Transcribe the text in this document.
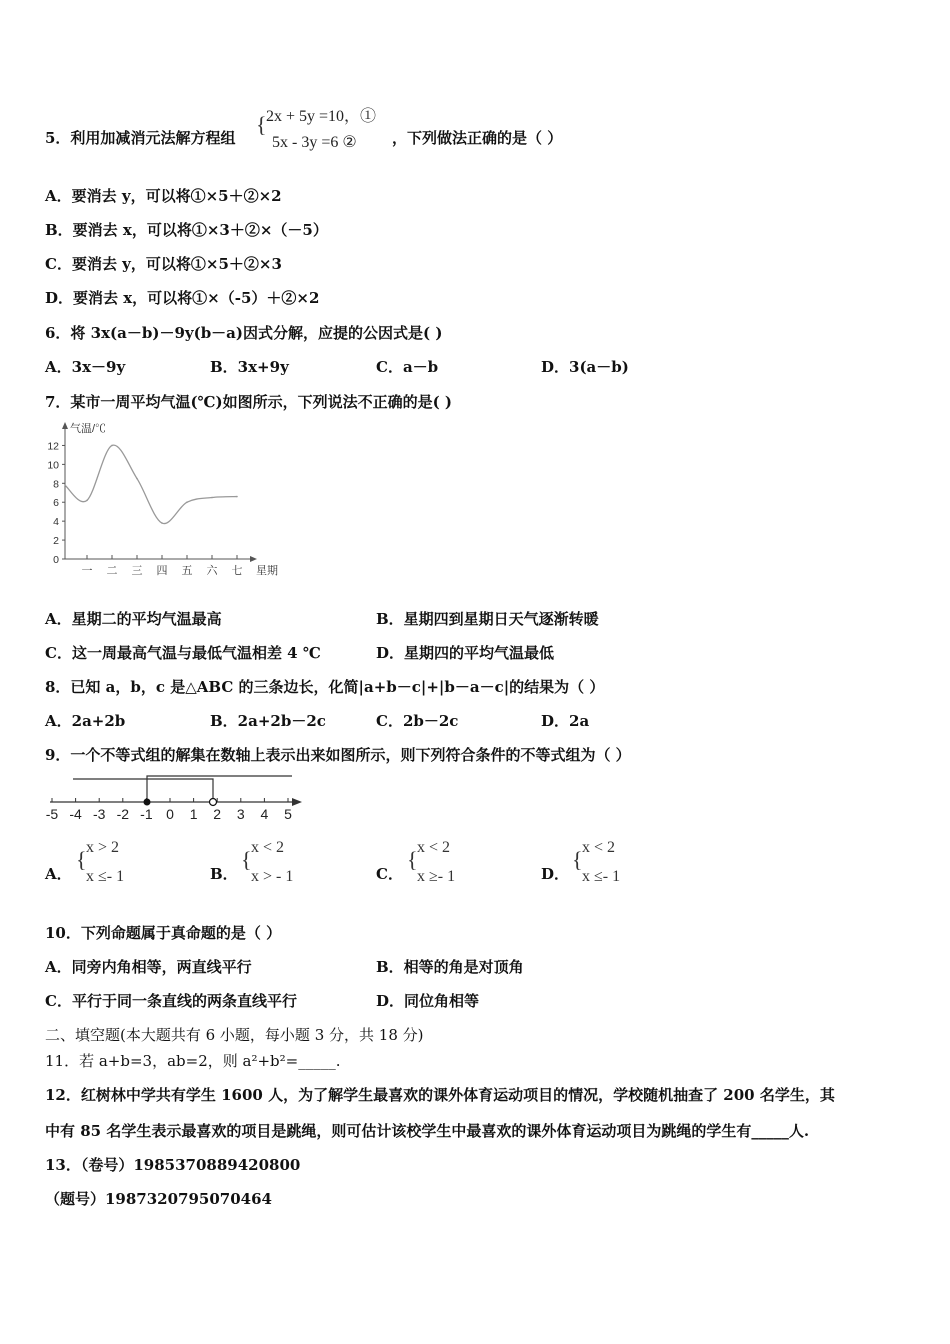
5．利用加减消元法解方程组
{ 2x + 5y =10，①
5x - 3y =6 ② ，下列做法正确的是（ ）
A．要消去 y，可以将①×5＋②×2
B．要消去 x，可以将①×3＋②×（－5）
C．要消去 y，可以将①×5＋②×3
D．要消去 x，可以将①×（-5）＋②×2
6．将 3x(a－b)－9y(b－a)因式分解，应提的公因式是( )
A．3x－9y	B．3x+9y	C．a－b	D．3(a－b)
7．某市一周平均气温(℃)如图所示，下列说法不正确的是( )
0
2
4
6
8
10
12
一 二 三 四 五 六 七
气温/℃
星期
A．星期二的平均气温最高	B．星期四到星期日天气逐渐转暖
C．这一周最高气温与最低气温相差 4 ℃	D．星期四的平均气温最低
8．已知 a，b，c 是△ABC 的三条边长，化简|a+b－c|+|b－a－c|的结果为（ ）
A．2a+2b	B．2a+2b－2c	C．2b－2c	D．2a
9．一个不等式组的解集在数轴上表示出来如图所示，则下列符合条件的不等式组为（ ）
-5 -4 -3 -2 -1 0 1 2 3 4 5
A．
{ x > 2
x ≤- 1	B．
{ x < 2
x > - 1	C．
{ x < 2
x ≥- 1	D．
{ x < 2
x ≤- 1
10．下列命题属于真命题的是（ ）
A．同旁内角相等，两直线平行	B．相等的角是对顶角
C．平行于同一条直线的两条直线平行	D．同位角相等
二、填空题(本大题共有 6 小题，每小题 3 分，共 18 分)
11．若 a+b=3，ab=2，则 a²+b²=_____.
12．红树林中学共有学生 1600 人，为了解学生最喜欢的课外体育运动项目的情况，学校随机抽查了 200 名学生，其
中有 85 名学生表示最喜欢的项目是跳绳，则可估计该校学生中最喜欢的课外体育运动项目为跳绳的学生有_____人.
13．（卷号）1985370889420800
（题号）1987320795070464
